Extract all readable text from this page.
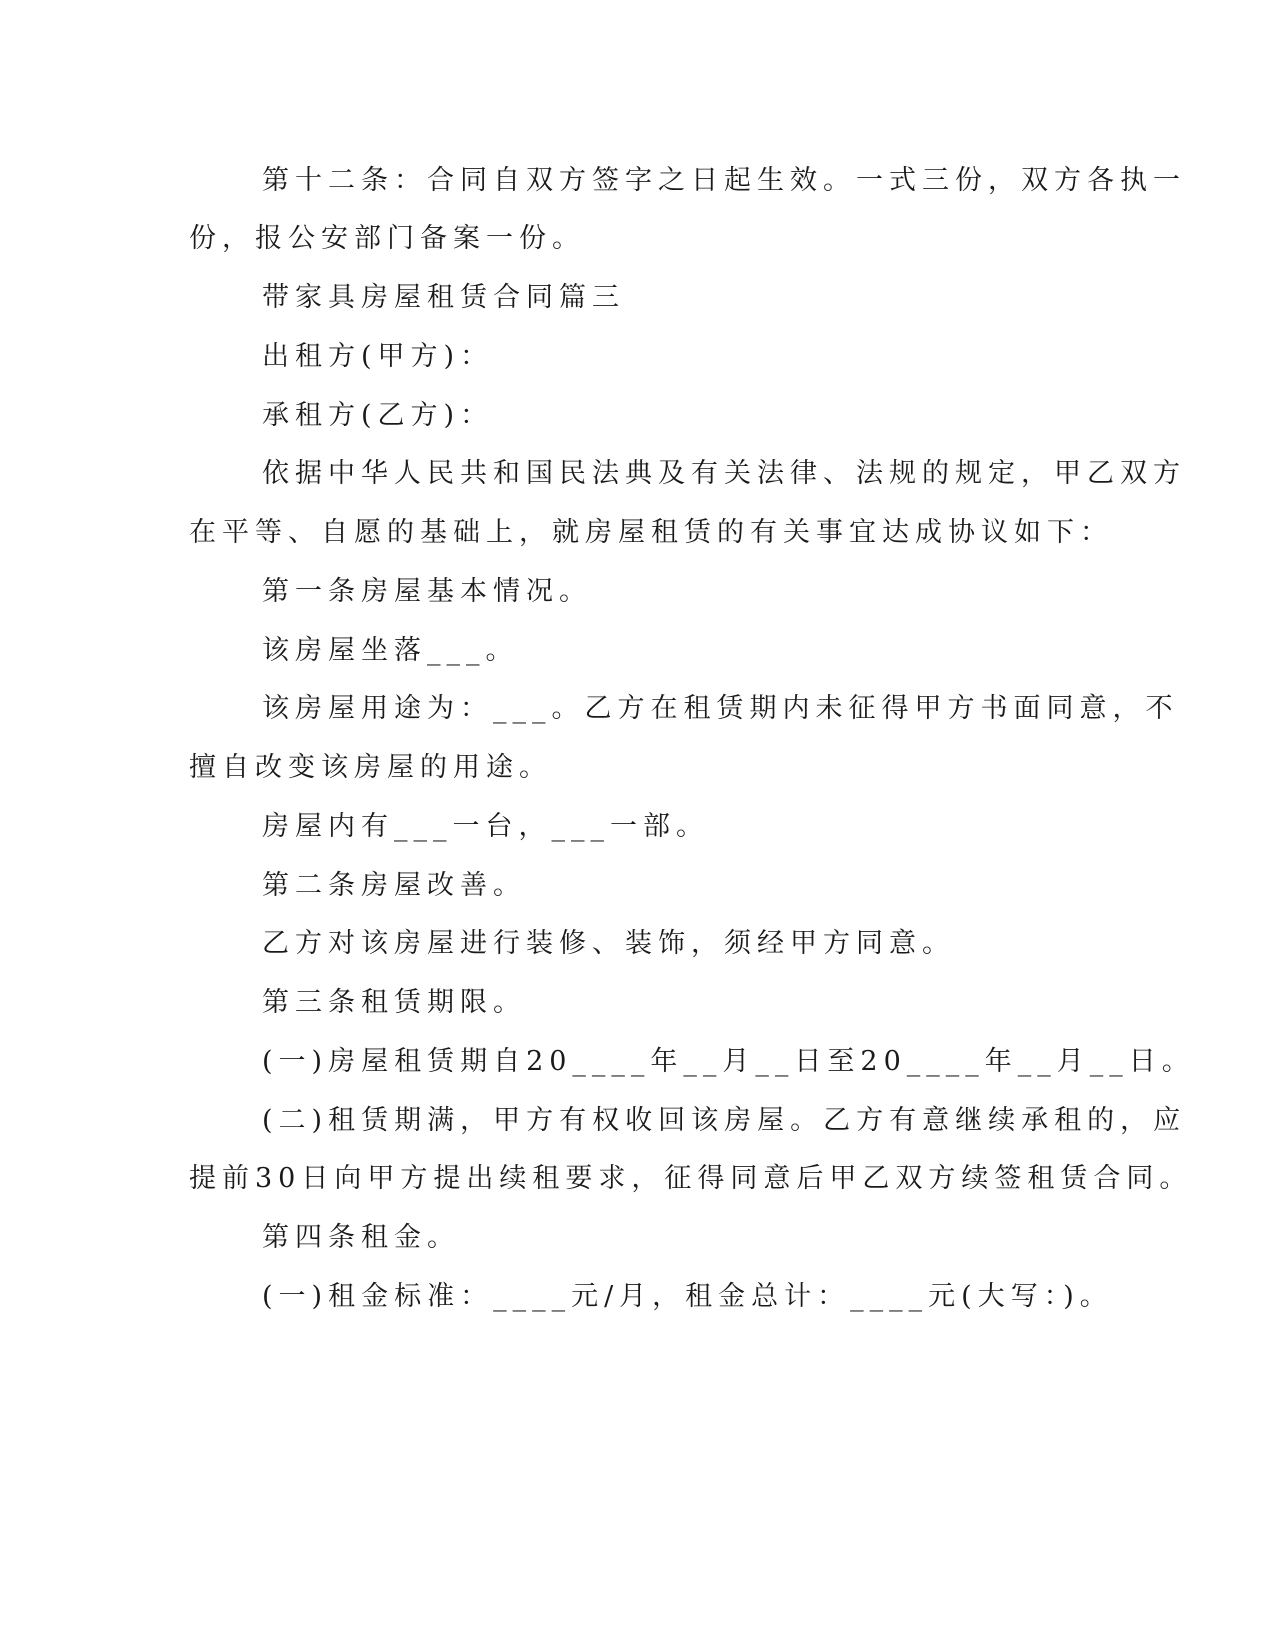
第十二条：合同自双方签字之日起生效。一式三份，双方各执一
份，报公安部门备案一份。
带家具房屋租赁合同篇三
出租方(甲方)：
承租方(乙方)：
依据中华人民共和国民法典及有关法律、法规的规定，甲乙双方
在平等、自愿的基础上，就房屋租赁的有关事宜达成协议如下：
第一条房屋基本情况。
该房屋坐落___。
该房屋用途为：___。乙方在租赁期内未征得甲方书面同意，不
擅自改变该房屋的用途。
房屋内有___一台，___一部。
第二条房屋改善。
乙方对该房屋进行装修、装饰，须经甲方同意。
第三条租赁期限。
(一)房屋租赁期自20____年__月__日至20____年__月__日。
(二)租赁期满，甲方有权收回该房屋。乙方有意继续承租的，应
提前30日向甲方提出续租要求，征得同意后甲乙双方续签租赁合同。
第四条租金。
(一)租金标准：____元/月，租金总计：____元(大写：)。
